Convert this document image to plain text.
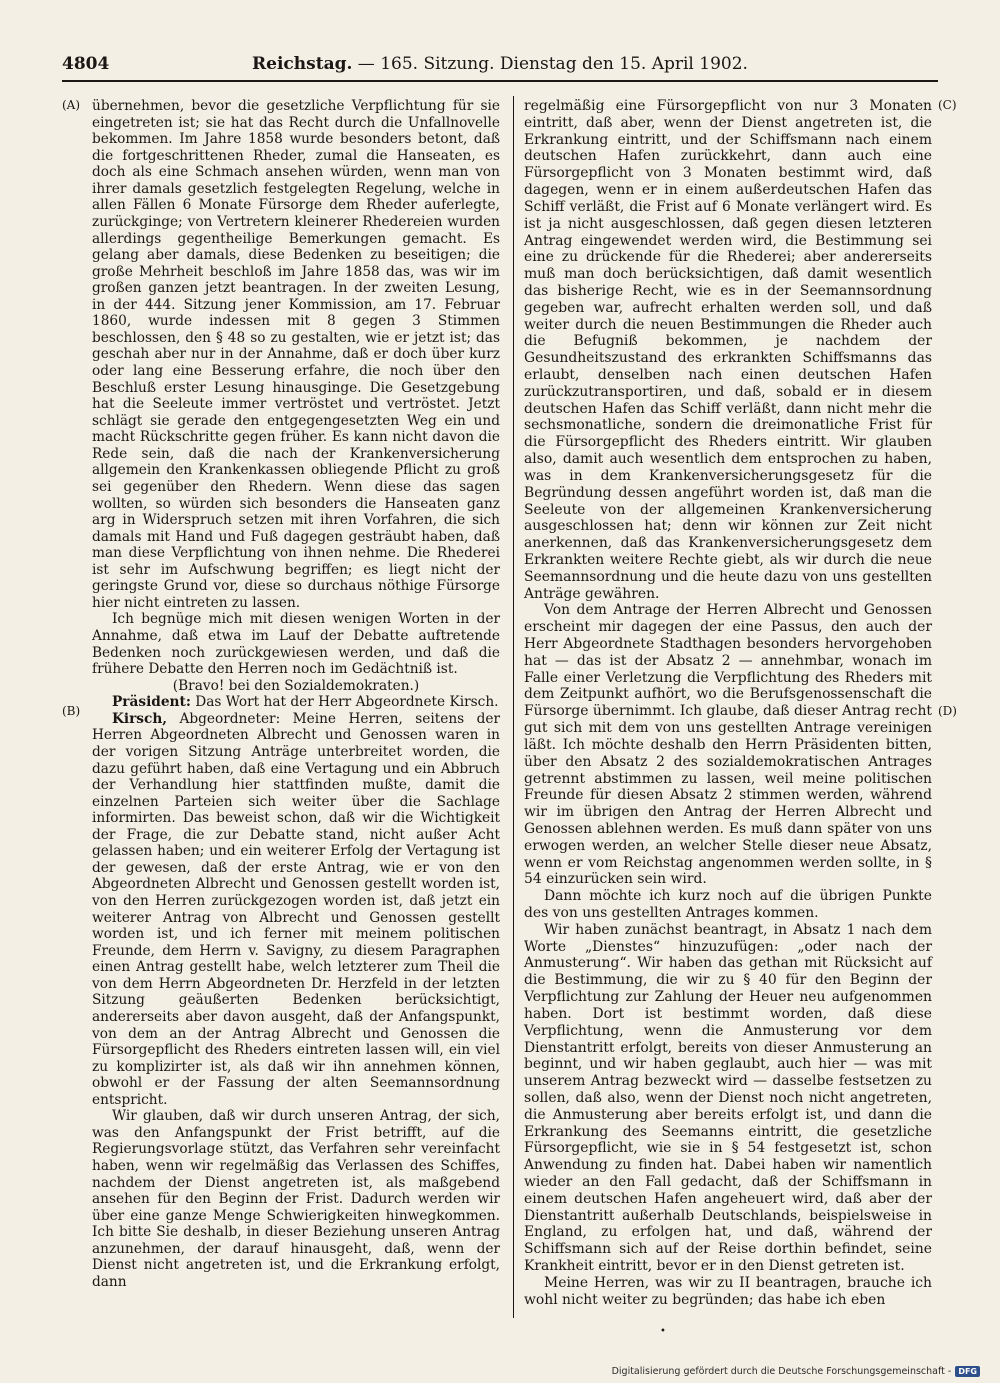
4804	Reichstag. — 165. Sitzung. Dienstag den 15. April 1902.
(A)
(B)
(C)
(D)

übernehmen, bevor die gesetzliche Verpflichtung für sie eingetreten ist; sie hat das Recht durch die Unfallnovelle bekommen. Im Jahre 1858 wurde besonders betont, daß die fortgeschrittenen Rheder, zumal die Hanseaten, es doch als eine Schmach ansehen würden, wenn man von ihrer damals gesetzlich festgelegten Regelung, welche in allen Fällen 6 Monate Fürsorge dem Rheder auferlegte, zurückginge; von Vertretern kleinerer Rhedereien wurden allerdings gegentheilige Bemerkungen gemacht. Es gelang aber damals, diese Bedenken zu beseitigen; die große Mehrheit beschloß im Jahre 1858 das, was wir im großen ganzen jetzt beantragen. In der zweiten Lesung, in der 444. Sitzung jener Kommission, am 17. Februar 1860, wurde indessen mit 8 gegen 3 Stimmen beschlossen, den § 48 so zu gestalten, wie er jetzt ist; das geschah aber nur in der Annahme, daß er doch über kurz oder lang eine Besserung erfahre, die noch über den Beschluß erster Lesung hinausginge. Die Gesetzgebung hat die Seeleute immer vertröstet und vertröstet. Jetzt schlägt sie gerade den entgegengesetzten Weg ein und macht Rückschritte gegen früher. Es kann nicht davon die Rede sein, daß die nach der Krankenversicherung allgemein den Krankenkassen obliegende Pflicht zu groß sei gegenüber den Rhedern. Wenn diese das sagen wollten, so würden sich besonders die Hanseaten ganz arg in Widerspruch setzen mit ihren Vorfahren, die sich damals mit Hand und Fuß dagegen gesträubt haben, daß man diese Verpflichtung von ihnen nehme. Die Rhederei ist sehr im Aufschwung begriffen; es liegt nicht der geringste Grund vor, diese so durchaus nöthige Fürsorge hier nicht eintreten zu lassen.

Ich begnüge mich mit diesen wenigen Worten in der Annahme, daß etwa im Lauf der Debatte auftretende Bedenken noch zurückgewiesen werden, und daß die frühere Debatte den Herren noch im Gedächtniß ist.

(Bravo! bei den Sozialdemokraten.)

Präsident: Das Wort hat der Herr Abgeordnete Kirsch.

Kirsch, Abgeordneter: Meine Herren, seitens der Herren Abgeordneten Albrecht und Genossen waren in der vorigen Sitzung Anträge unterbreitet worden, die dazu geführt haben, daß eine Vertagung und ein Abbruch der Verhandlung hier stattfinden mußte, damit die einzelnen Parteien sich weiter über die Sachlage informirten. Das beweist schon, daß wir die Wichtigkeit der Frage, die zur Debatte stand, nicht außer Acht gelassen haben; und ein weiterer Erfolg der Vertagung ist der gewesen, daß der erste Antrag, wie er von den Abgeordneten Albrecht und Genossen gestellt worden ist, von den Herren zurückgezogen worden ist, daß jetzt ein weiterer Antrag von Albrecht und Genossen gestellt worden ist, und ich ferner mit meinem politischen Freunde, dem Herrn v. Savigny, zu diesem Paragraphen einen Antrag gestellt habe, welch letzterer zum Theil die von dem Herrn Abgeordneten Dr. Herzfeld in der letzten Sitzung geäußerten Bedenken berücksichtigt, andererseits aber davon ausgeht, daß der Anfangspunkt, von dem an der Antrag Albrecht und Genossen die Fürsorgepflicht des Rheders eintreten lassen will, ein viel zu komplizirter ist, als daß wir ihn annehmen können, obwohl er der Fassung der alten Seemannsordnung entspricht.

Wir glauben, daß wir durch unseren Antrag, der sich, was den Anfangspunkt der Frist betrifft, auf die Regierungsvorlage stützt, das Verfahren sehr vereinfacht haben, wenn wir regelmäßig das Verlassen des Schiffes, nachdem der Dienst angetreten ist, als maßgebend ansehen für den Beginn der Frist. Dadurch werden wir über eine ganze Menge Schwierigkeiten hinwegkommen. Ich bitte Sie deshalb, in dieser Beziehung unseren Antrag anzunehmen, der darauf hinausgeht, daß, wenn der Dienst nicht angetreten ist, und die Erkrankung erfolgt, dann

regelmäßig eine Fürsorgepflicht von nur 3 Monaten eintritt, daß aber, wenn der Dienst angetreten ist, die Erkrankung eintritt, und der Schiffsmann nach einem deutschen Hafen zurückkehrt, dann auch eine Fürsorgepflicht von 3 Monaten bestimmt wird, daß dagegen, wenn er in einem außerdeutschen Hafen das Schiff verläßt, die Frist auf 6 Monate verlängert wird. Es ist ja nicht ausgeschlossen, daß gegen diesen letzteren Antrag eingewendet werden wird, die Bestimmung sei eine zu drückende für die Rhederei; aber andererseits muß man doch berücksichtigen, daß damit wesentlich das bisherige Recht, wie es in der Seemannsordnung gegeben war, aufrecht erhalten werden soll, und daß weiter durch die neuen Bestimmungen die Rheder auch die Befugniß bekommen, je nachdem der Gesundheitszustand des erkrankten Schiffsmanns das erlaubt, denselben nach einen deutschen Hafen zurückzutransportiren, und daß, sobald er in diesem deutschen Hafen das Schiff verläßt, dann nicht mehr die sechsmonatliche, sondern die dreimonatliche Frist für die Fürsorgepflicht des Rheders eintritt. Wir glauben also, damit auch wesentlich dem entsprochen zu haben, was in dem Krankenversicherungsgesetz für die Begründung dessen angeführt worden ist, daß man die Seeleute von der allgemeinen Krankenversicherung ausgeschlossen hat; denn wir können zur Zeit nicht anerkennen, daß das Krankenversicherungsgesetz dem Erkrankten weitere Rechte giebt, als wir durch die neue Seemannsordnung und die heute dazu von uns gestellten Anträge gewähren.

Von dem Antrage der Herren Albrecht und Genossen erscheint mir dagegen der eine Passus, den auch der Herr Abgeordnete Stadthagen besonders hervorgehoben hat — das ist der Absatz 2 — annehmbar, wonach im Falle einer Verletzung die Verpflichtung des Rheders mit dem Zeitpunkt aufhört, wo die Berufsgenossenschaft die Fürsorge übernimmt. Ich glaube, daß dieser Antrag recht gut sich mit dem von uns gestellten Antrage vereinigen läßt. Ich möchte deshalb den Herrn Präsidenten bitten, über den Absatz 2 des sozialdemokratischen Antrages getrennt abstimmen zu lassen, weil meine politischen Freunde für diesen Absatz 2 stimmen werden, während wir im übrigen den Antrag der Herren Albrecht und Genossen ablehnen werden. Es muß dann später von uns erwogen werden, an welcher Stelle dieser neue Absatz, wenn er vom Reichstag angenommen werden sollte, in § 54 einzurücken sein wird.

Dann möchte ich kurz noch auf die übrigen Punkte des von uns gestellten Antrages kommen.

Wir haben zunächst beantragt, in Absatz 1 nach dem Worte „Dienstes“ hinzuzufügen: „oder nach der Anmusterung“. Wir haben das gethan mit Rücksicht auf die Bestimmung, die wir zu § 40 für den Beginn der Verpflichtung zur Zahlung der Heuer neu aufgenommen haben. Dort ist bestimmt worden, daß diese Verpflichtung, wenn die Anmusterung vor dem Dienstantritt erfolgt, bereits von dieser Anmusterung an beginnt, und wir haben geglaubt, auch hier — was mit unserem Antrag bezweckt wird — dasselbe festsetzen zu sollen, daß also, wenn der Dienst noch nicht angetreten, die Anmusterung aber bereits erfolgt ist, und dann die Erkrankung des Seemanns eintritt, die gesetzliche Fürsorgepflicht, wie sie in § 54 festgesetzt ist, schon Anwendung zu finden hat. Dabei haben wir namentlich wieder an den Fall gedacht, daß der Schiffsmann in einem deutschen Hafen angeheuert wird, daß aber der Dienstantritt außerhalb Deutschlands, beispielsweise in England, zu erfolgen hat, und daß, während der Schiffsmann sich auf der Reise dorthin befindet, seine Krankheit eintritt, bevor er in den Dienst getreten ist.

Meine Herren, was wir zu II beantragen, brauche ich wohl nicht weiter zu begründen; das habe ich eben

•
Digitalisierung gefördert durch die Deutsche Forschungsgemeinschaft - DFG
